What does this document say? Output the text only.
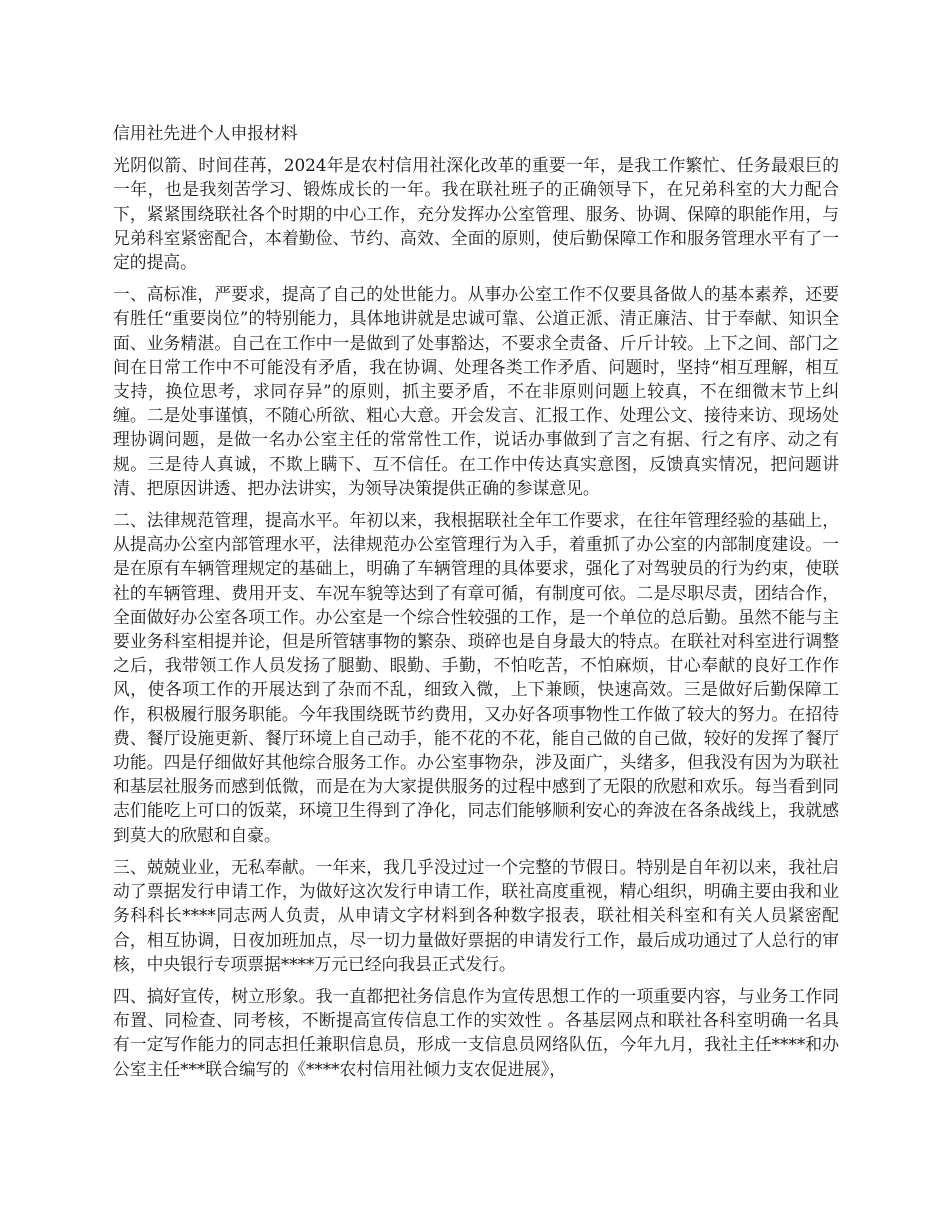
信用社先进个人申报材料

光阴似箭、时间荏苒，2024年是农村信用社深化改革的重要一年，是我工作繁忙、任务最艰巨的一年，也是我刻苦学习、锻炼成长的一年。我在联社班子的正确领导下，在兄弟科室的大力配合下，紧紧围绕联社各个时期的中心工作，充分发挥办公室管理、服务、协调、保障的职能作用，与兄弟科室紧密配合，本着勤俭、节约、高效、全面的原则，使后勤保障工作和服务管理水平有了一定的提高。

一、高标准，严要求，提高了自己的处世能力。从事办公室工作不仅要具备做人的基本素养，还要有胜任“重要岗位”的特别能力，具体地讲就是忠诚可靠、公道正派、清正廉洁、甘于奉献、知识全面、业务精湛。自己在工作中一是做到了处事豁达，不要求全责备、斤斤计较。上下之间、部门之间在日常工作中不可能没有矛盾，我在协调、处理各类工作矛盾、问题时，坚持“相互理解，相互支持，换位思考，求同存异”的原则，抓主要矛盾，不在非原则问题上较真，不在细微末节上纠缠。二是处事谨慎，不随心所欲、粗心大意。开会发言、汇报工作、处理公文、接待来访、现场处理协调问题，是做一名办公室主任的常常性工作，说话办事做到了言之有据、行之有序、动之有规。三是待人真诚，不欺上瞒下、互不信任。在工作中传达真实意图，反馈真实情况，把问题讲清、把原因讲透、把办法讲实，为领导决策提供正确的参谋意见。

二、法律规范管理，提高水平。年初以来，我根据联社全年工作要求，在往年管理经验的基础上，从提高办公室内部管理水平，法律规范办公室管理行为入手，着重抓了办公室的内部制度建设。一是在原有车辆管理规定的基础上，明确了车辆管理的具体要求，强化了对驾驶员的行为约束，使联社的车辆管理、费用开支、车况车貌等达到了有章可循，有制度可依。二是尽职尽责，团结合作，全面做好办公室各项工作。办公室是一个综合性较强的工作，是一个单位的总后勤。虽然不能与主要业务科室相提并论，但是所管辖事物的繁杂、琐碎也是自身最大的特点。在联社对科室进行调整之后，我带领工作人员发扬了腿勤、眼勤、手勤，不怕吃苦，不怕麻烦，甘心奉献的良好工作作风，使各项工作的开展达到了杂而不乱，细致入微，上下兼顾，快速高效。三是做好后勤保障工作，积极履行服务职能。今年我围绕既节约费用，又办好各项事物性工作做了较大的努力。在招待费、餐厅设施更新、餐厅环境上自己动手，能不花的不花，能自己做的自己做，较好的发挥了餐厅功能。四是仔细做好其他综合服务工作。办公室事物杂，涉及面广，头绪多，但我没有因为为联社和基层社服务而感到低微，而是在为大家提供服务的过程中感到了无限的欣慰和欢乐。每当看到同志们能吃上可口的饭菜，环境卫生得到了净化，同志们能够顺利安心的奔波在各条战线上，我就感到莫大的欣慰和自豪。

三、兢兢业业，无私奉献。一年来，我几乎没过过一个完整的节假日。特别是自年初以来，我社启动了票据发行申请工作，为做好这次发行申请工作，联社高度重视，精心组织，明确主要由我和业务科科长****同志两人负责，从申请文字材料到各种数字报表，联社相关科室和有关人员紧密配合，相互协调，日夜加班加点，尽一切力量做好票据的申请发行工作，最后成功通过了人总行的审核，中央银行专项票据****万元已经向我县正式发行。

四、搞好宣传，树立形象。我一直都把社务信息作为宣传思想工作的一项重要内容，与业务工作同布置、同检查、同考核，不断提高宣传信息工作的实效性 。各基层网点和联社各科室明确一名具有一定写作能力的同志担任兼职信息员，形成一支信息员网络队伍，今年九月，我社主任****和办公室主任***联合编写的《****农村信用社倾力支农促进展》，
